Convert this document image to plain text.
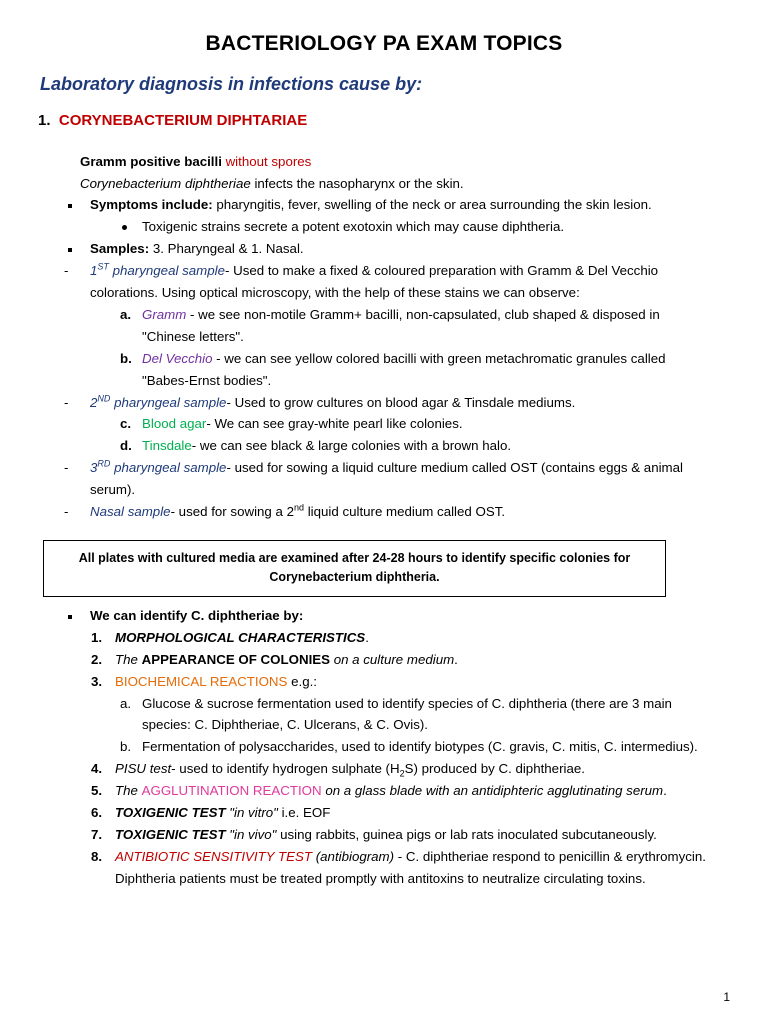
BACTERIOLOGY PA EXAM TOPICS
Laboratory diagnosis in infections cause by:
1. CORYNEBACTERIUM DIPHTARIAE
Gramm positive bacilli without spores
Corynebacterium diphtheriae infects the nasopharynx or the skin.
Symptoms include: pharyngitis, fever, swelling of the neck or area surrounding the skin lesion.
Toxigenic strains secrete a potent exotoxin which may cause diphtheria.
Samples: 3. Pharyngeal & 1. Nasal.
- 1ST pharyngeal sample- Used to make a fixed & coloured preparation with Gramm & Del Vecchio
colorations. Using optical microscopy, with the help of these stains we can observe:
a. Gramm - we see non-motile Gramm+ bacilli, non-capsulated, club shaped & disposed in
"Chinese letters".
b. Del Vecchio - we can see yellow colored bacilli with green metachromatic granules called
"Babes-Ernst bodies".
- 2ND pharyngeal sample- Used to grow cultures on blood agar & Tinsdale mediums.
c. Blood agar- We can see gray-white pearl like colonies.
d. Tinsdale- we can see black & large colonies with a brown halo.
- 3RD pharyngeal sample- used for sowing a liquid culture medium called OST (contains eggs & animal
serum).
- Nasal sample- used for sowing a 2nd liquid culture medium called OST.
All plates with cultured media are examined after 24-28 hours to identify specific colonies for
Corynebacterium diphtheria.
We can identify C. diphtheriae by:
1. MORPHOLOGICAL CHARACTERISTICS.
2. The APPEARANCE OF COLONIES on a culture medium.
3. BIOCHEMICAL REACTIONS e.g.:
a. Glucose & sucrose fermentation used to identify species of C. diphtheria (there are 3 main
species: C. Diphtheriae, C. Ulcerans, & C. Ovis).
b. Fermentation of polysaccharides, used to identify biotypes (C. gravis, C. mitis, C. intermedius).
4. PISU test- used to identify hydrogen sulphate $(H_2S)$ produced by C. diphtheriae.
5. The AGGLUTINATION REACTION on a glass blade with an antidiphteric agglutinating serum.
6. TOXIGENIC TEST "in vitro" i.e. EOF
7. TOXIGENIC TEST "in vivo" using rabbits, guinea pigs or lab rats inoculated subcutaneously.
8. ANTIBIOTIC SENSITIVITY TEST (antibiogram) - C. diphtheriae respond to penicillin & erythromycin.
Diphtheria patients must be treated promptly with antitoxins to neutralize circulating toxins.
1
